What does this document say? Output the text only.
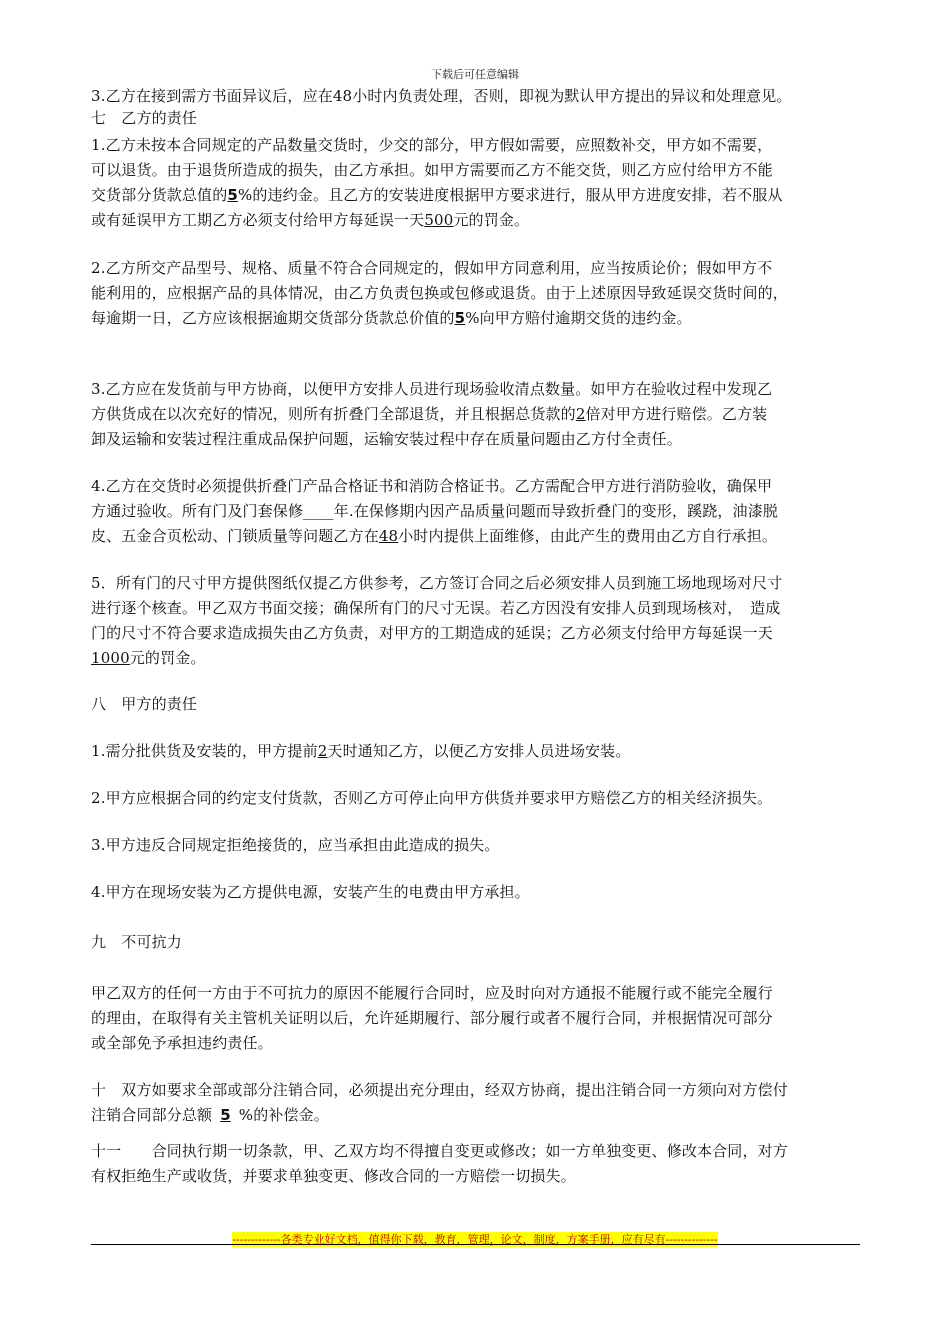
下载后可任意编辑
3.乙方在接到需方书面异议后，应在48小时内负责处理，否则，即视为默认甲方提出的异议和处理意见。
七　乙方的责任
1.乙方未按本合同规定的产品数量交货时，少交的部分，甲方假如需要，应照数补交，甲方如不需要，
可以退货。由于退货所造成的损失，由乙方承担。如甲方需要而乙方不能交货，则乙方应付给甲方不能
交货部分货款总值的5%的违约金。且乙方的安装进度根据甲方要求进行，服从甲方进度安排，若不服从
或有延误甲方工期乙方必须支付给甲方每延误一天500元的罚金。
2.乙方所交产品型号、规格、质量不符合合同规定的，假如甲方同意利用，应当按质论价；假如甲方不
能利用的，应根据产品的具体情况，由乙方负责包换或包修或退货。由于上述原因导致延误交货时间的，
每逾期一日，乙方应该根据逾期交货部分货款总价值的5%向甲方赔付逾期交货的违约金。
3.乙方应在发货前与甲方协商，以便甲方安排人员进行现场验收清点数量。如甲方在验收过程中发现乙
方供货成在以次充好的情况，则所有折叠门全部退货，并且根据总货款的2倍对甲方进行赔偿。乙方装
卸及运输和安装过程注重成品保护问题，运输安装过程中存在质量问题由乙方付全责任。
4.乙方在交货时必须提供折叠门产品合格证书和消防合格证书。乙方需配合甲方进行消防验收，确保甲
方通过验收。所有门及门套保修____年.在保修期内因产品质量问题而导致折叠门的变形，蹊跷，油漆脱
皮、五金合页松动、门锁质量等问题乙方在48小时内提供上面维修，由此产生的费用由乙方自行承担。
5．所有门的尺寸甲方提供图纸仅提乙方供参考，乙方签订合同之后必须安排人员到施工场地现场对尺寸
进行逐个核查。甲乙双方书面交接；确保所有门的尺寸无误。若乙方因没有安排人员到现场核对，　造成
门的尺寸不符合要求造成损失由乙方负责，对甲方的工期造成的延误；乙方必须支付给甲方每延误一天
1000元的罚金。
八　甲方的责任
1.需分批供货及安装的，甲方提前2天时通知乙方，以便乙方安排人员进场安装。
2.甲方应根据合同的约定支付货款，否则乙方可停止向甲方供货并要求甲方赔偿乙方的相关经济损失。
3.甲方违反合同规定拒绝接货的，应当承担由此造成的损失。
4.甲方在现场安装为乙方提供电源，安装产生的电费由甲方承担。
九　不可抗力
甲乙双方的任何一方由于不可抗力的原因不能履行合同时，应及时向对方通报不能履行或不能完全履行
的理由，在取得有关主管机关证明以后，允许延期履行、部分履行或者不履行合同，并根据情况可部分
或全部免予承担违约责任。
十　双方如要求全部或部分注销合同，必须提出充分理由，经双方协商，提出注销合同一方须向对方偿付
注销合同部分总额 5 %的补偿金。
十一　　合同执行期一切条款，甲、乙双方均不得擅自变更或修改；如一方单独变更、修改本合同，对方
有权拒绝生产或收货，并要求单独变更、修改合同的一方赔偿一切损失。
-------------各类专业好文档，值得你下载，教育，管理，论文，制度，方案手册，应有尽有--------------
